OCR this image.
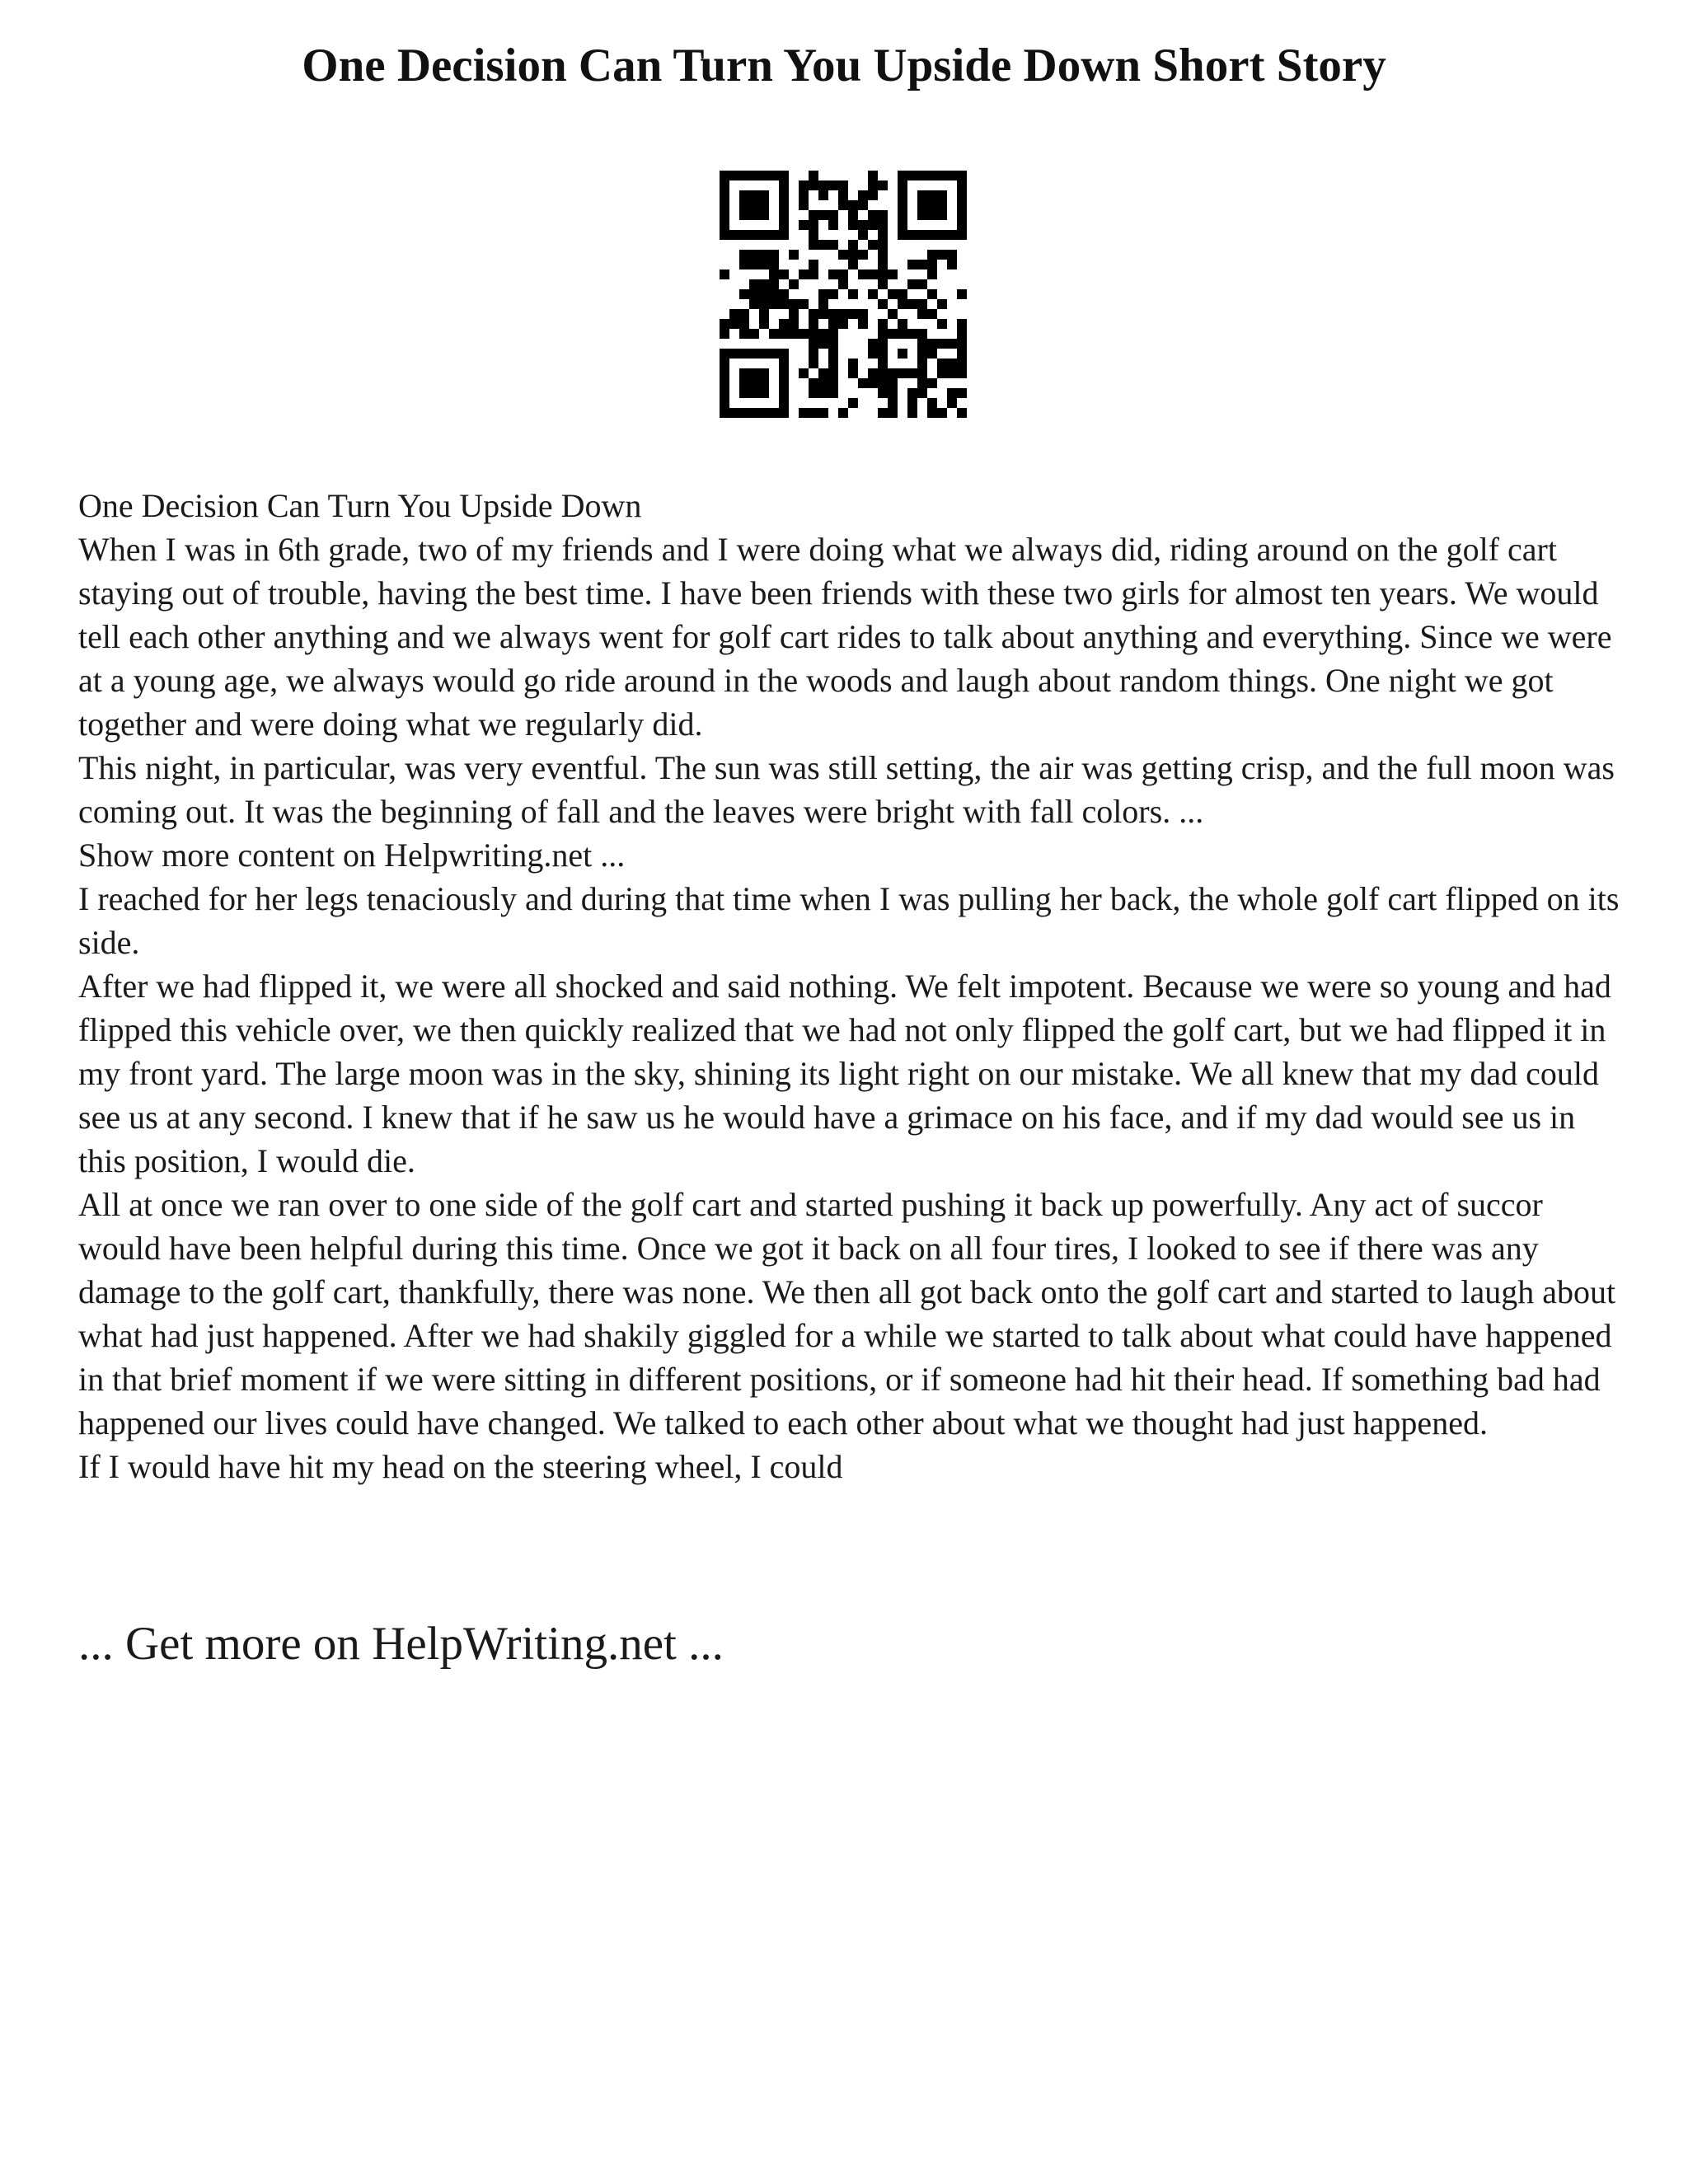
One Decision Can Turn You Upside Down Short Story

One Decision Can Turn You Upside Down

When I was in 6th grade, two of my friends and I were doing what we always did, riding around on the golf cart staying out of trouble, having the best time. I have been friends with these two girls for almost ten years. We would tell each other anything and we always went for golf cart rides to talk about anything and everything. Since we were at a young age, we always would go ride around in the woods and laugh about random things. One night we got together and were doing what we regularly did.

This night, in particular, was very eventful. The sun was still setting, the air was getting crisp, and the full moon was coming out. It was the beginning of fall and the leaves were bright with fall colors. ...

Show more content on Helpwriting.net ...

I reached for her legs tenaciously and during that time when I was pulling her back, the whole golf cart flipped on its side.

After we had flipped it, we were all shocked and said nothing. We felt impotent. Because we were so young and had flipped this vehicle over, we then quickly realized that we had not only flipped the golf cart, but we had flipped it in my front yard. The large moon was in the sky, shining its light right on our mistake. We all knew that my dad could see us at any second. I knew that if he saw us he would have a grimace on his face, and if my dad would see us in this position, I would die.

All at once we ran over to one side of the golf cart and started pushing it back up powerfully. Any act of succor would have been helpful during this time. Once we got it back on all four tires, I looked to see if there was any damage to the golf cart, thankfully, there was none. We then all got back onto the golf cart and started to laugh about what had just happened. After we had shakily giggled for a while we started to talk about what could have happened in that brief moment if we were sitting in different positions, or if someone had hit their head. If something bad had happened our lives could have changed. We talked to each other about what we thought had just happened.

If I would have hit my head on the steering wheel, I could

... Get more on HelpWriting.net ...
